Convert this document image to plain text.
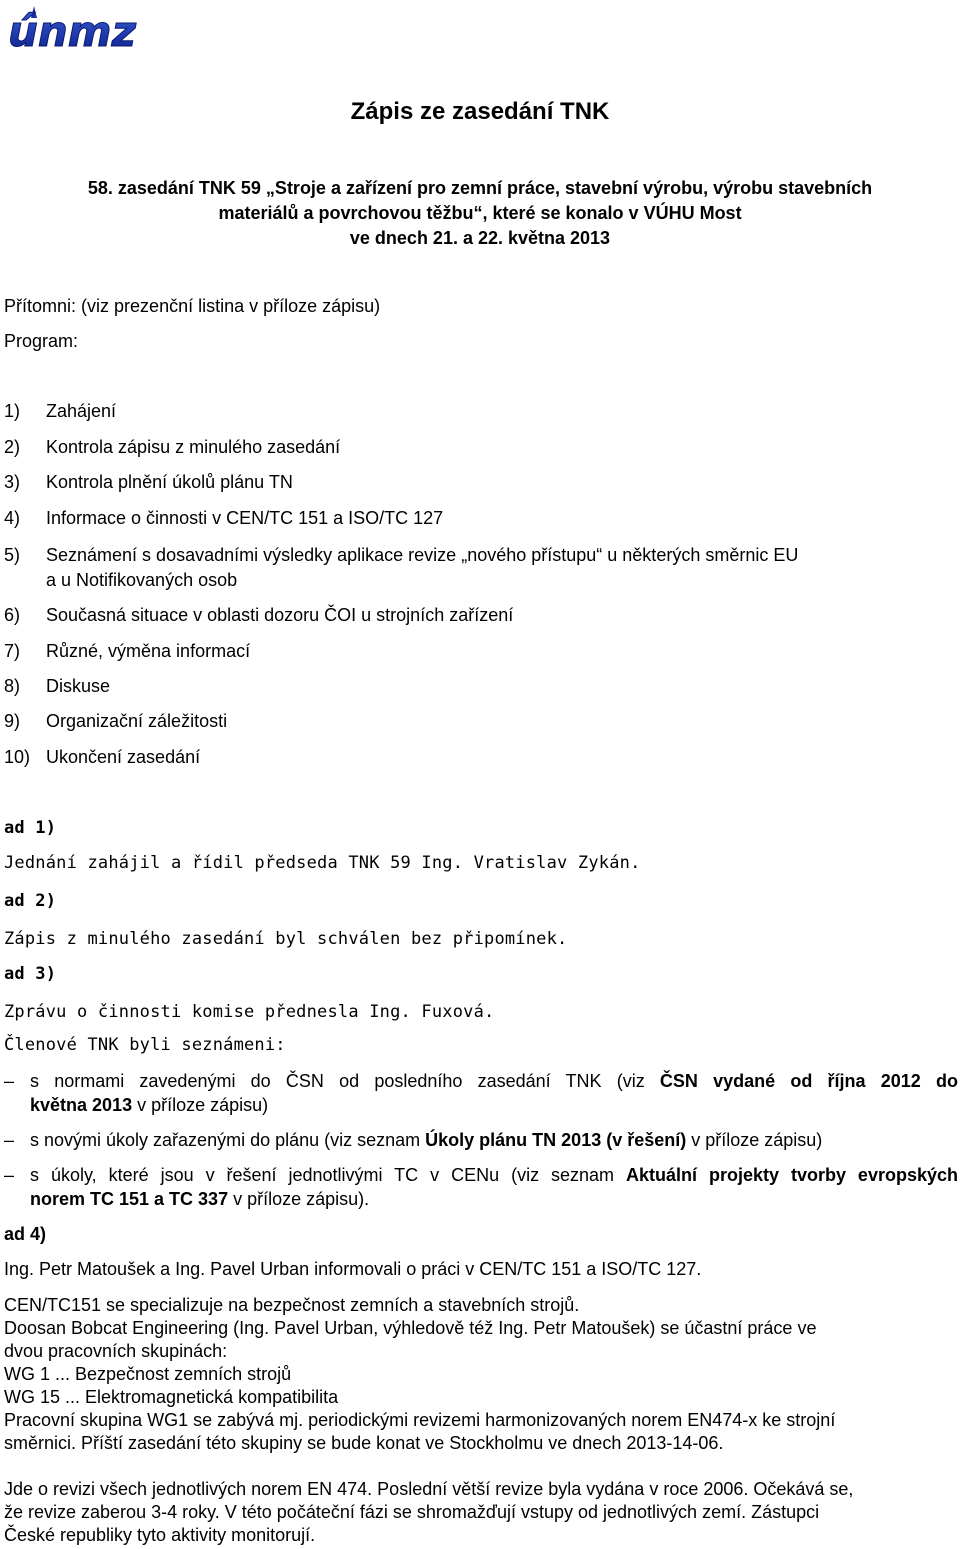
únmz
Zápis ze zasedání TNK
58. zasedání TNK 59 „Stroje a zařízení pro zemní práce, stavební výrobu, výrobu stavebních
materiálů a povrchovou těžbu“, které se konalo v VÚHU Most
ve dnech 21. a 22. května 2013
Přítomni: (viz prezenční listina v příloze zápisu)
Program:
1) Zahájení
2) Kontrola zápisu z minulého zasedání
3) Kontrola plnění úkolů plánu TN
4) Informace o činnosti v CEN/TC 151 a ISO/TC 127
5) Seznámení s dosavadními výsledky aplikace revize „nového přístupu“ u některých směrnic EU
a u Notifikovaných osob
6) Současná situace v oblasti dozoru ČOI u strojních zařízení
7) Různé, výměna informací
8) Diskuse
9) Organizační záležitosti
10) Ukončení zasedání
ad 1)
Jednání zahájil a řídil předseda TNK 59 Ing. Vratislav Zykán.
ad 2)
Zápis z minulého zasedání byl schválen bez připomínek.
ad 3)
Zprávu o činnosti komise přednesla Ing. Fuxová.
Členové TNK byli seznámeni:
– s normami zavedenými do ČSN od posledního zasedání TNK (viz ČSN vydané od října 2012 do
května 2013 v příloze zápisu)
– s novými úkoly zařazenými do plánu (viz seznam Úkoly plánu TN 2013 (v řešení) v příloze zápisu)
– s úkoly, které jsou v řešení jednotlivými TC v CENu (viz seznam Aktuální projekty tvorby evropských
norem TC 151 a TC 337 v příloze zápisu).
ad 4)
Ing. Petr Matoušek a Ing. Pavel Urban informovali o práci v CEN/TC 151 a ISO/TC 127.
CEN/TC151 se specializuje na bezpečnost zemních a stavebních strojů.
Doosan Bobcat Engineering (Ing. Pavel Urban, výhledově též Ing. Petr Matoušek) se účastní práce ve
dvou pracovních skupinách:
WG 1 ... Bezpečnost zemních strojů
WG 15 ... Elektromagnetická kompatibilita
Pracovní skupina WG1 se zabývá mj. periodickými revizemi harmonizovaných norem EN474-x ke strojní
směrnici. Příští zasedání této skupiny se bude konat ve Stockholmu ve dnech 2013-14-06.
Jde o revizi všech jednotlivých norem EN 474. Poslední větší revize byla vydána v roce 2006. Očekává se,
že revize zaberou 3-4 roky. V této počáteční fázi se shromažďují vstupy od jednotlivých zemí. Zástupci
České republiky tyto aktivity monitorují.
